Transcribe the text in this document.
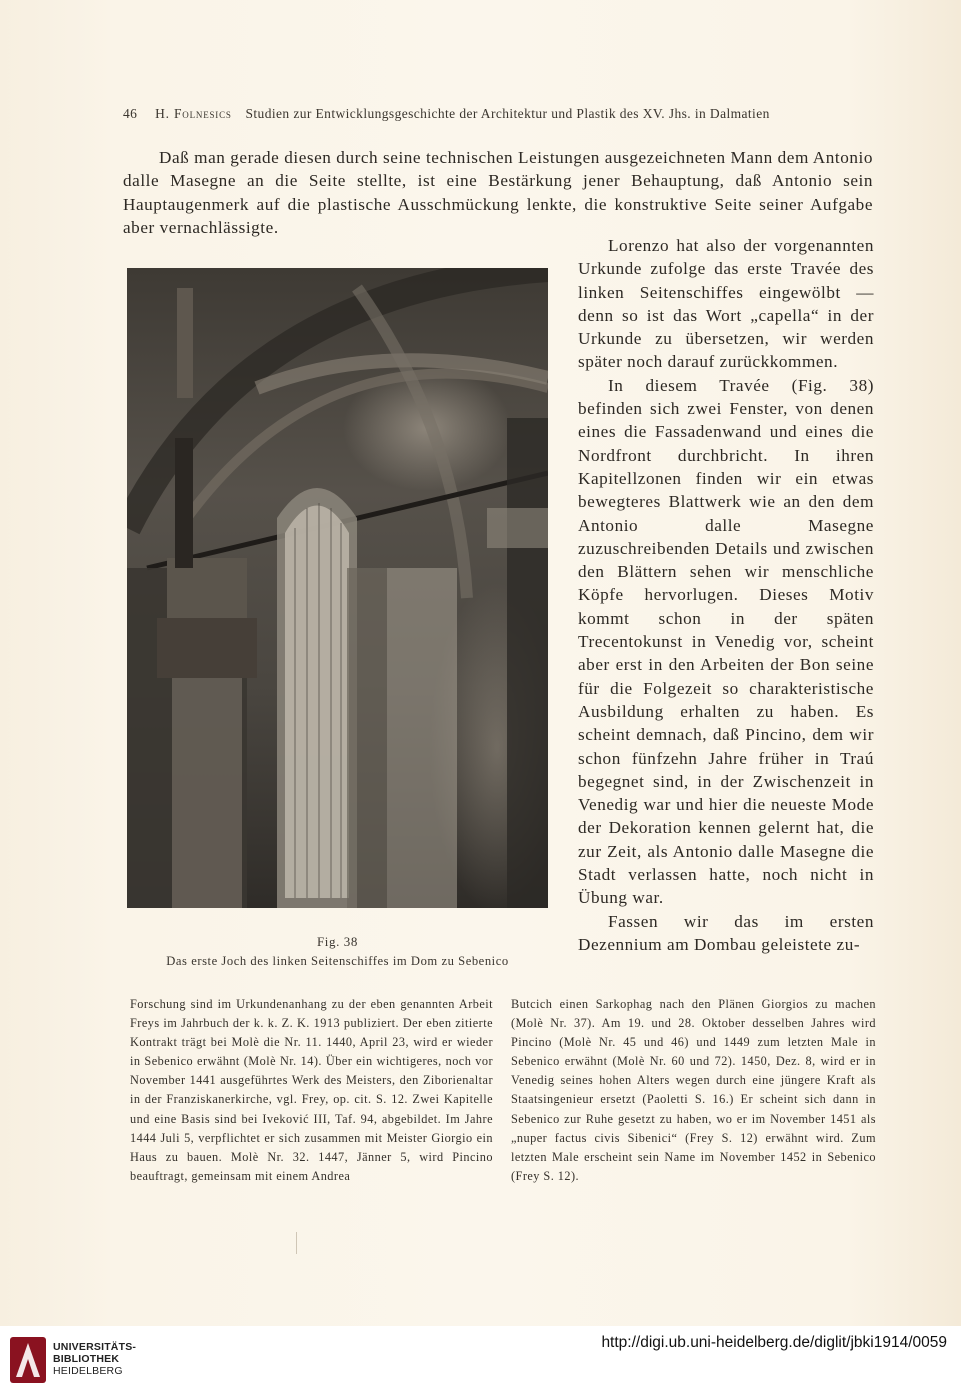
46 H. Folnesics Studien zur Entwicklungsgeschichte der Architektur und Plastik des XV. Jhs. in Dalmatien
Daß man gerade diesen durch seine technischen Leistungen ausgezeichneten Mann dem Antonio dalle Masegne an die Seite stellte, ist eine Bestärkung jener Behauptung, daß Antonio sein Hauptaugenmerk auf die plastische Ausschmückung lenkte, die konstruktive Seite seiner Aufgabe aber vernachlässigte.
Fig. 38
Das erste Joch des linken Seitenschiffes im Dom zu Sebenico

Lorenzo hat also der vorgenannten Urkunde zufolge das erste Travée des linken Seitenschiffes eingewölbt — denn so ist das Wort „capella“ in der Urkunde zu übersetzen, wir werden später noch darauf zurückkommen.

In diesem Travée (Fig. 38) befinden sich zwei Fenster, von denen eines die Fassadenwand und eines die Nordfront durchbricht. In ihren Kapitellzonen finden wir ein etwas bewegteres Blattwerk wie an den dem Antonio dalle Masegne zuzuschreibenden Details und zwischen den Blättern sehen wir menschliche Köpfe hervorlugen. Dieses Motiv kommt schon in der späten Trecentokunst in Venedig vor, scheint aber erst in den Arbeiten der Bon seine für die Folgezeit so charakteristische Ausbildung erhalten zu haben. Es scheint demnach, daß Pincino, dem wir schon fünfzehn Jahre früher in Traú begegnet sind, in der Zwischenzeit in Venedig war und hier die neueste Mode der Dekoration kennen gelernt hat, die zur Zeit, als Antonio dalle Masegne die Stadt verlassen hatte, noch nicht in Übung war.

Fassen wir das im ersten Dezennium am Dombau geleistete zu-

Forschung sind im Urkundenanhang zu der eben genannten Arbeit Freys im Jahrbuch der k. k. Z. K. 1913 publiziert. Der eben zitierte Kontrakt trägt bei Molè die Nr. 11. 1440, April 23, wird er wieder in Sebenico erwähnt (Molè Nr. 14). Über ein wichtigeres, noch vor November 1441 ausgeführtes Werk des Meisters, den Ziborienaltar in der Franziskanerkirche, vgl. Frey, op. cit. S. 12. Zwei Kapitelle und eine Basis sind bei Iveković III, Taf. 94, abgebildet. Im Jahre 1444 Juli 5, verpflichtet er sich zusammen mit Meister Giorgio ein Haus zu bauen. Molè Nr. 32. 1447, Jänner 5, wird Pincino beauftragt, gemeinsam mit einem Andrea
Butcich einen Sarkophag nach den Plänen Giorgios zu machen (Molè Nr. 37). Am 19. und 28. Oktober desselben Jahres wird Pincino (Molè Nr. 45 und 46) und 1449 zum letzten Male in Sebenico erwähnt (Molè Nr. 60 und 72). 1450, Dez. 8, wird er in Venedig seines hohen Alters wegen durch eine jüngere Kraft als Staatsingenieur ersetzt (Paoletti S. 16.) Er scheint sich dann in Sebenico zur Ruhe gesetzt zu haben, wo er im November 1451 als „nuper factus civis Sibenici“ (Frey S. 12) erwähnt wird. Zum letzten Male erscheint sein Name im November 1452 in Sebenico (Frey S. 12).
UNIVERSITÄTS-
BIBLIOTHEK
HEIDELBERG
http://digi.ub.uni-heidelberg.de/diglit/jbki1914/0059
